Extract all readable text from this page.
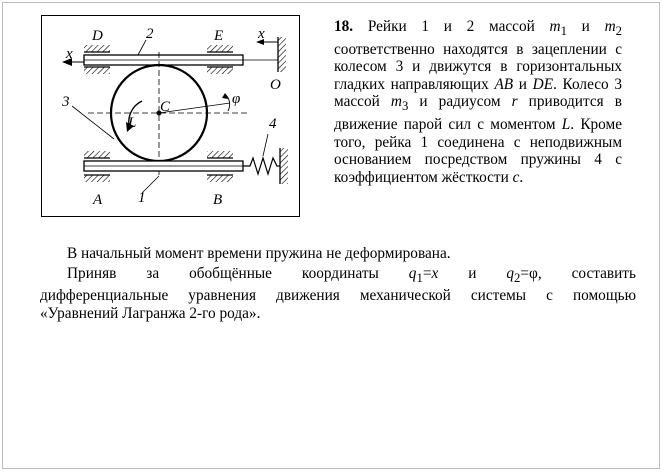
x
x
D	E
O
A	B
C
L
φ
1
2
3
4

18. Рейки 1 и 2 массой $m_1$ и $m_2$ соответственно находятся в зацеплении с колесом 3 и движутся в горизонтальных гладких направляющих AB и DE. Колесо 3 массой $m_3$ и радиусом r приводится в движение парой сил с моментом L. Кроме того, рейка 1 соединена с неподвижным основанием посредством пружины 4 с коэффициентом жёсткости c.

В начальный момент времени пружина не деформирована.
Приняв за обобщённые координаты $q_1=x$ и $q_2=\varphi$, составить
дифференциальные уравнения движения механической системы с помощью
«Уравнений Лагранжа 2-го рода».
